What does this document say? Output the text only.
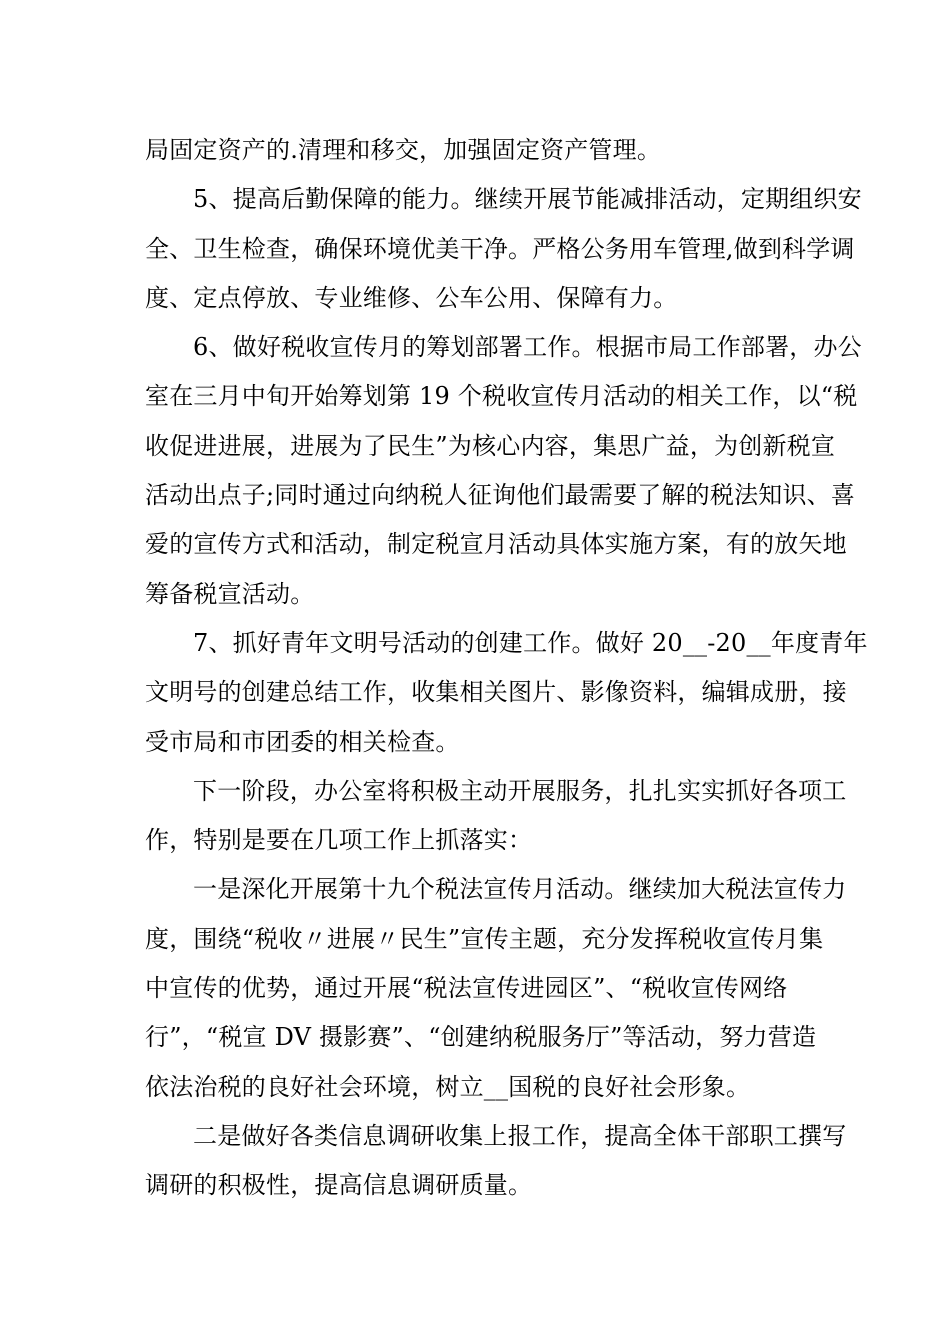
局固定资产的.清理和移交，加强固定资产管理。
5、提高后勤保障的能力。继续开展节能减排活动，定期组织安
全、卫生检查，确保环境优美干净。严格公务用车管理,做到科学调
度、定点停放、专业维修、公车公用、保障有力。
6、做好税收宣传月的筹划部署工作。根据市局工作部署，办公
室在三月中旬开始筹划第 19 个税收宣传月活动的相关工作，以“税
收促进进展，进展为了民生”为核心内容，集思广益，为创新税宣
活动出点子;同时通过向纳税人征询他们最需要了解的税法知识、喜
爱的宣传方式和活动，制定税宣月活动具体实施方案，有的放矢地
筹备税宣活动。
7、抓好青年文明号活动的创建工作。做好 20__-20__年度青年
文明号的创建总结工作，收集相关图片、影像资料，编辑成册，接
受市局和市团委的相关检查。
下一阶段，办公室将积极主动开展服务，扎扎实实抓好各项工
作，特别是要在几项工作上抓落实：
一是深化开展第十九个税法宣传月活动。继续加大税法宣传力
度，围绕“税收〃进展〃民生”宣传主题，充分发挥税收宣传月集
中宣传的优势，通过开展“税法宣传进园区”、“税收宣传网络
行”，“税宣 DV 摄影赛”、“创建纳税服务厅”等活动，努力营造
依法治税的良好社会环境，树立__国税的良好社会形象。
二是做好各类信息调研收集上报工作，提高全体干部职工撰写
调研的积极性，提高信息调研质量。
